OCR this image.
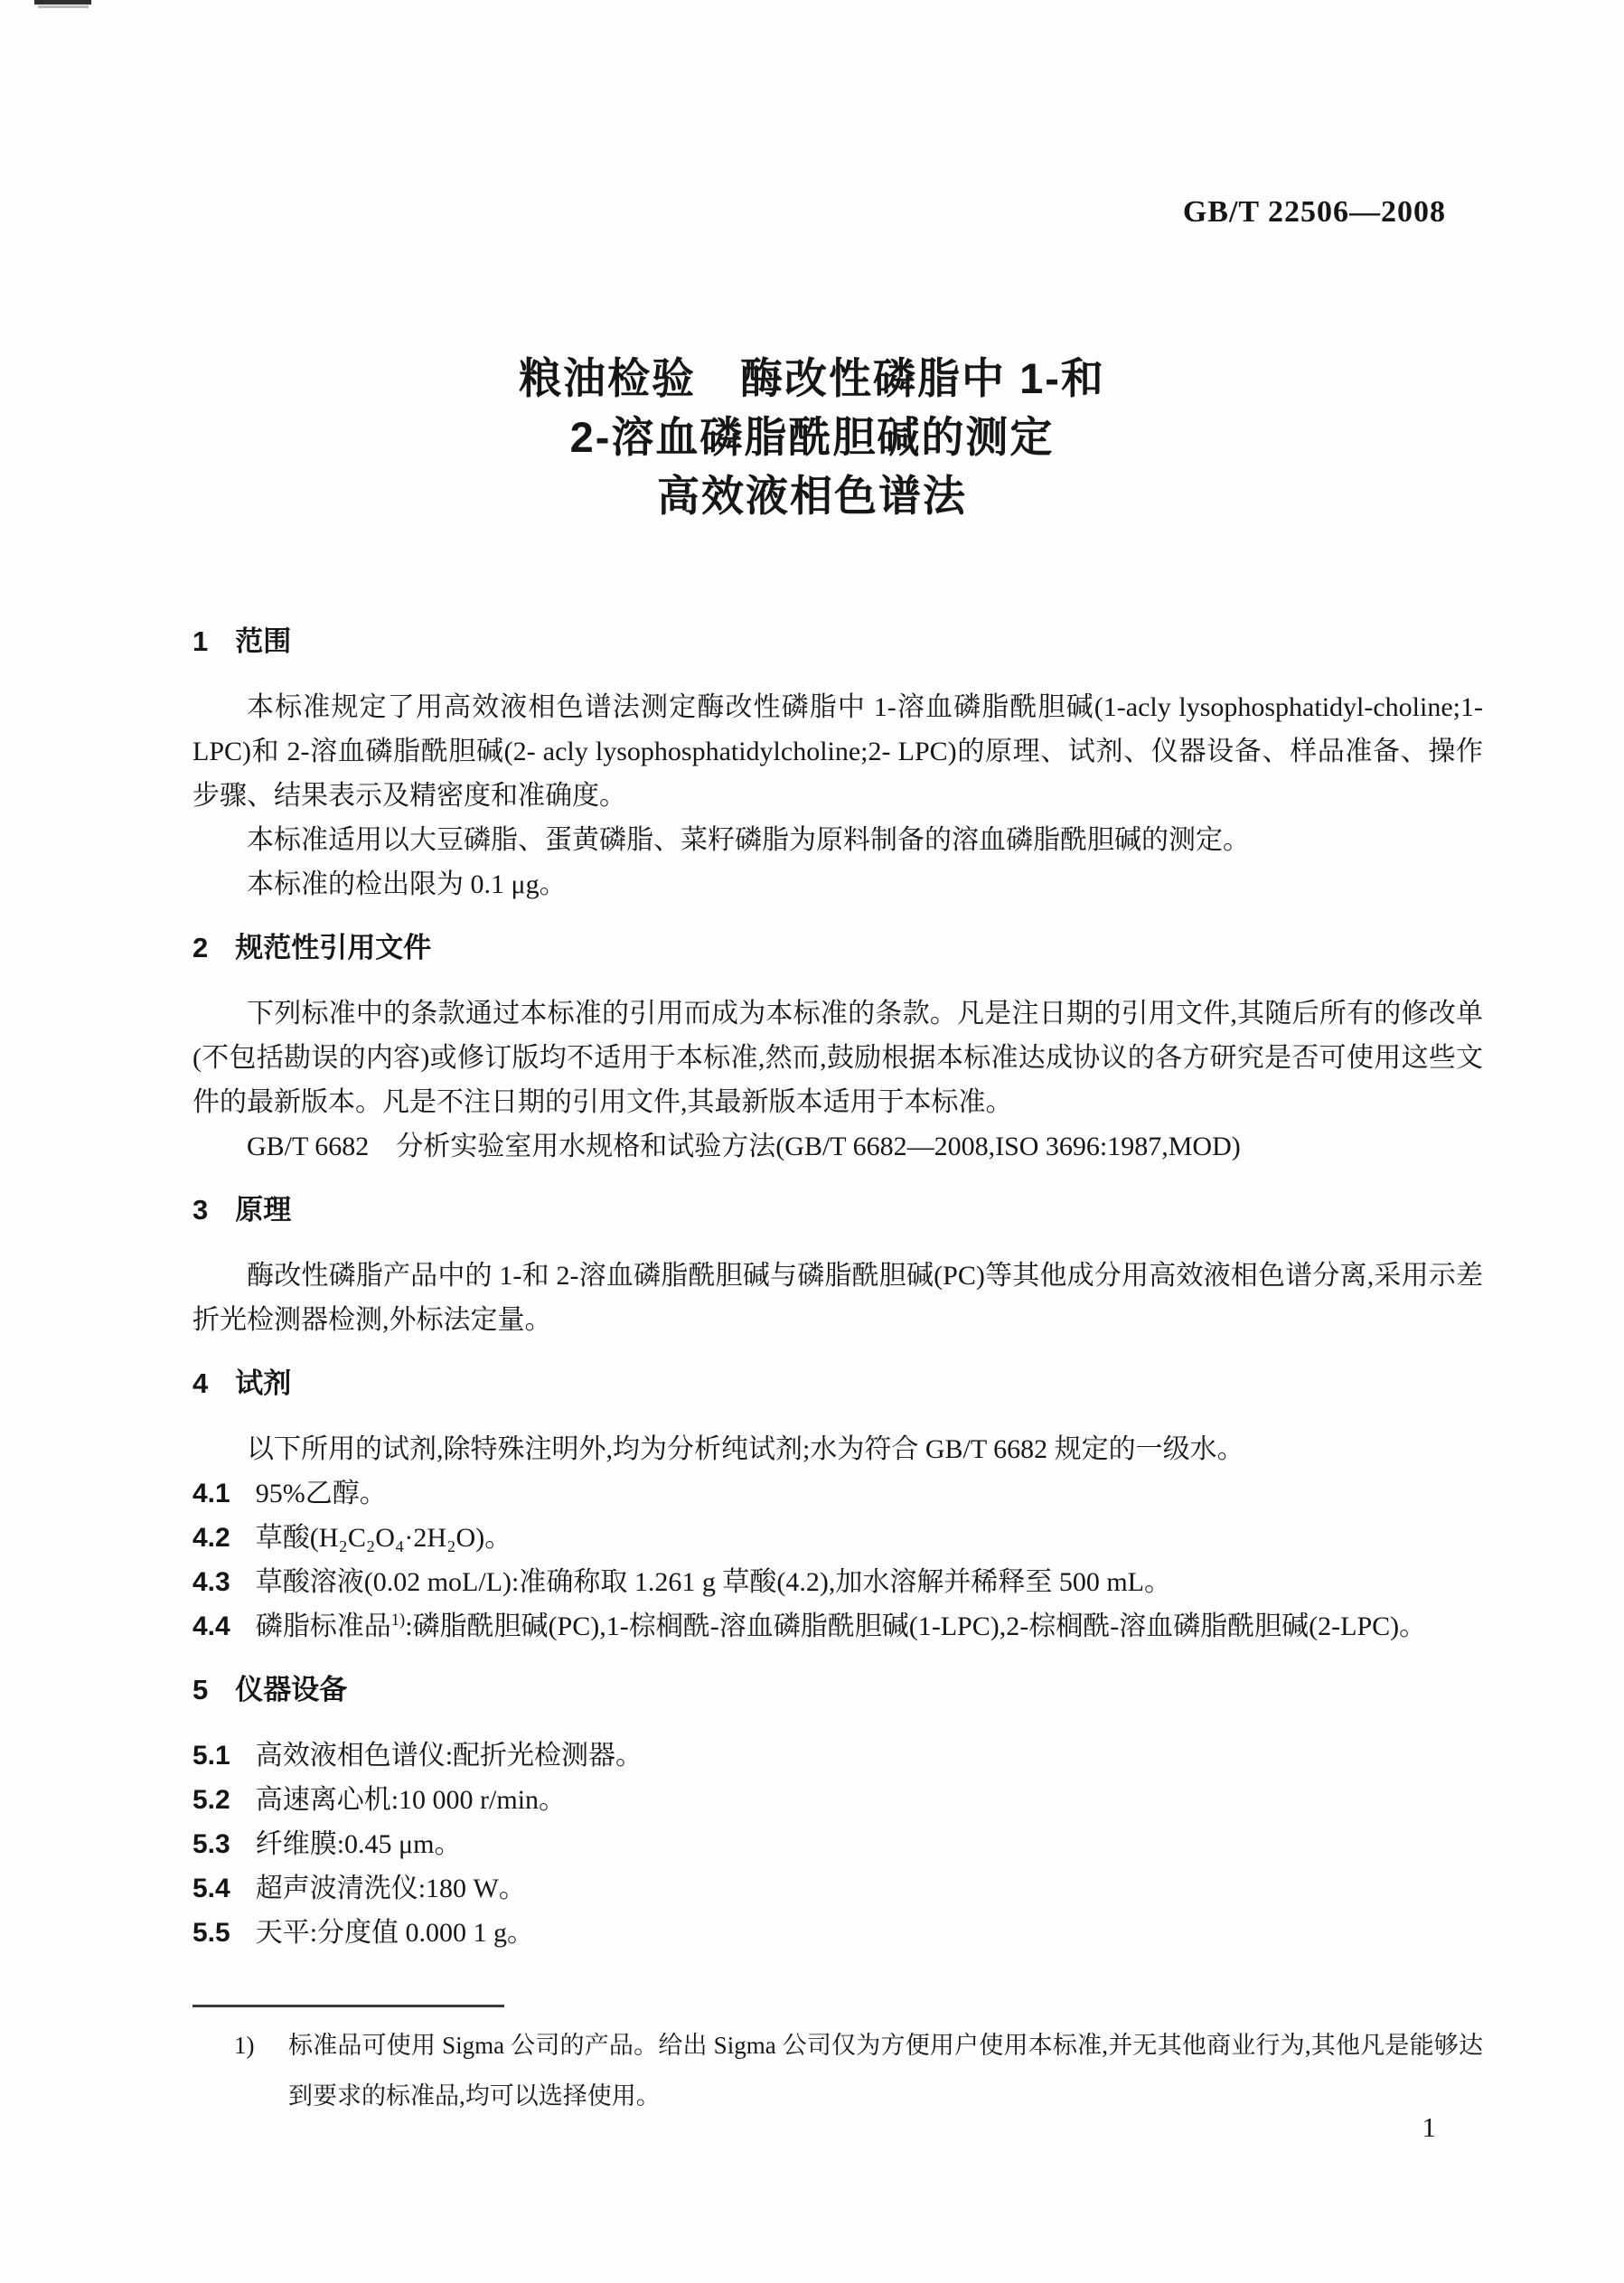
GB/T 22506—2008
粮油检验　酶改性磷脂中 1-和
2-溶血磷脂酰胆碱的测定
高效液相色谱法
1 范围

本标准规定了用高效液相色谱法测定酶改性磷脂中 1-溶血磷脂酰胆碱(1-acly lysophosphatidyl-choline;1- LPC)和 2-溶血磷脂酰胆碱(2- acly lysophosphatidylcholine;2- LPC)的原理、试剂、仪器设备、样品准备、操作步骤、结果表示及精密度和准确度。

本标准适用以大豆磷脂、蛋黄磷脂、菜籽磷脂为原料制备的溶血磷脂酰胆碱的测定。

本标准的检出限为 0.1 μg。

2 规范性引用文件

下列标准中的条款通过本标准的引用而成为本标准的条款。凡是注日期的引用文件,其随后所有的修改单(不包括勘误的内容)或修订版均不适用于本标准,然而,鼓励根据本标准达成协议的各方研究是否可使用这些文件的最新版本。凡是不注日期的引用文件,其最新版本适用于本标准。

GB/T 6682　分析实验室用水规格和试验方法(GB/T 6682—2008,ISO 3696:1987,MOD)

3 原理

酶改性磷脂产品中的 1-和 2-溶血磷脂酰胆碱与磷脂酰胆碱(PC)等其他成分用高效液相色谱分离,采用示差折光检测器检测,外标法定量。

4 试剂

以下所用的试剂,除特殊注明外,均为分析纯试剂;水为符合 GB/T 6682 规定的一级水。

4.1 95%乙醇。

4.2 草酸(H₂C₂O₄·2H₂O)。

4.3 草酸溶液(0.02 moL/L):准确称取 1.261 g 草酸(4.2),加水溶解并稀释至 500 mL。

4.4 磷脂标准品$^{1)}$:磷脂酰胆碱(PC),1-棕榈酰-溶血磷脂酰胆碱(1-LPC),2-棕榈酰-溶血磷脂酰胆碱(2-LPC)。

5 仪器设备

5.1 高效液相色谱仪:配折光检测器。

5.2 高速离心机:10 000 r/min。

5.3 纤维膜:0.45 μm。

5.4 超声波清洗仪:180 W。

5.5 天平:分度值 0.000 1 g。

1) 标准品可使用 Sigma 公司的产品。给出 Sigma 公司仅为方便用户使用本标准,并无其他商业行为,其他凡是能够达到要求的标准品,均可以选择使用。
1
